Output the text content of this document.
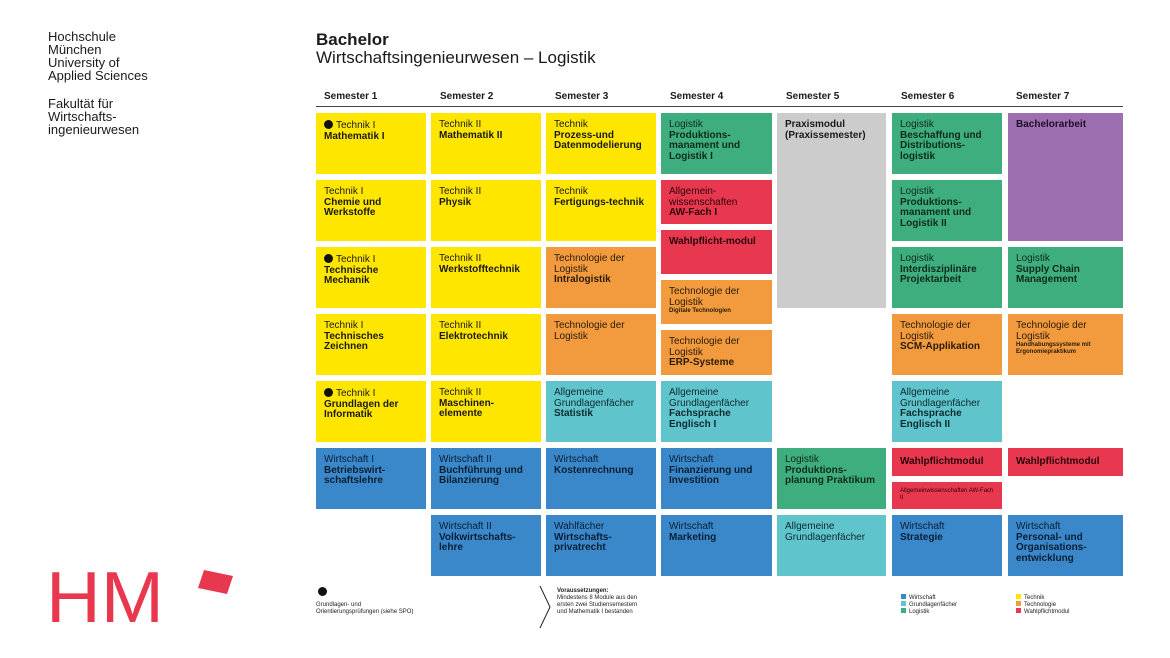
Hochschule
München
University of
Applied Sciences
Fakultät für
Wirtschafts-
ingenieurwesen
Bachelor
Wirtschaftsingenieurwesen – Logistik
Semester 1	Semester 2	Semester 3	Semester 4	Semester 5	Semester 6	Semester 7
Technik I
Mathematik I
Technik I
Chemie und Werkstoffe
Technik I
Technische Mechanik
Technik I
Technisches Zeichnen
Technik I
Grundlagen der Informatik
Wirtschaft I
Betriebswirt-schaftslehre
Technik II
Mathematik II
Technik II
Physik
Technik II
Werkstofftechnik
Technik II
Elektrotechnik
Technik II
Maschinen-elemente
Wirtschaft II
Buchführung und Bilanzierung
Wirtschaft II
Volkwirtschafts-lehre
Technik
Prozess-und Datenmodelierung
Technik
Fertigungs-technik
Technologie der Logistik
Intralogistik
Technologie der Logistik
Allgemeine Grundlagenfächer
Statistik
Wirtschaft
Kostenrechnung
Wahlfächer
Wirtschafts-privatrecht
Logistik
Produktions-manament und Logistik I
Allgemein-wissenschaften
AW-Fach I
Wahlpflicht-modul
Technologie der Logistik
Digitale Technologien
Technologie der Logistik
ERP-Systeme
Allgemeine Grundlagenfächer
Fachsprache Englisch I
Wirtschaft
Finanzierung und Investition
Wirtschaft
Marketing
Praxismodul (Praxissemester)
Logistik
Produktions-planung Praktikum
Allgemeine Grundlagenfächer
Logistik
Beschaffung und Distributions-logistik
Logistik
Produktions-manament und Logistik II
Logistik
Interdisziplinäre Projektarbeit
Technologie der Logistik
SCM-Applikation
Allgemeine Grundlagenfächer
Fachsprache Englisch II
Wahlpflichtmodul
Allgemeinwissenschaften AW-Fach II
Wirtschaft
Strategie
Bachelorarbeit
Logistik
Supply Chain Management
Technologie der Logistik
Handhabungssysteme mit Ergonomiepraktikum
Wahlpflichtmodul
Wirtschaft
Personal- und Organisations-entwicklung
HM	Grundlagen- und Orientierungsprüfungen (siehe SPO)
Voraussetzungen:
Mindestens 8 Module aus den ersten zwei Studiensemestern und Mathematik I bestanden
Wirtschaft
Grundlagenfächer
Logistik
Technik
Technologie
Wahlpflichtmodul
